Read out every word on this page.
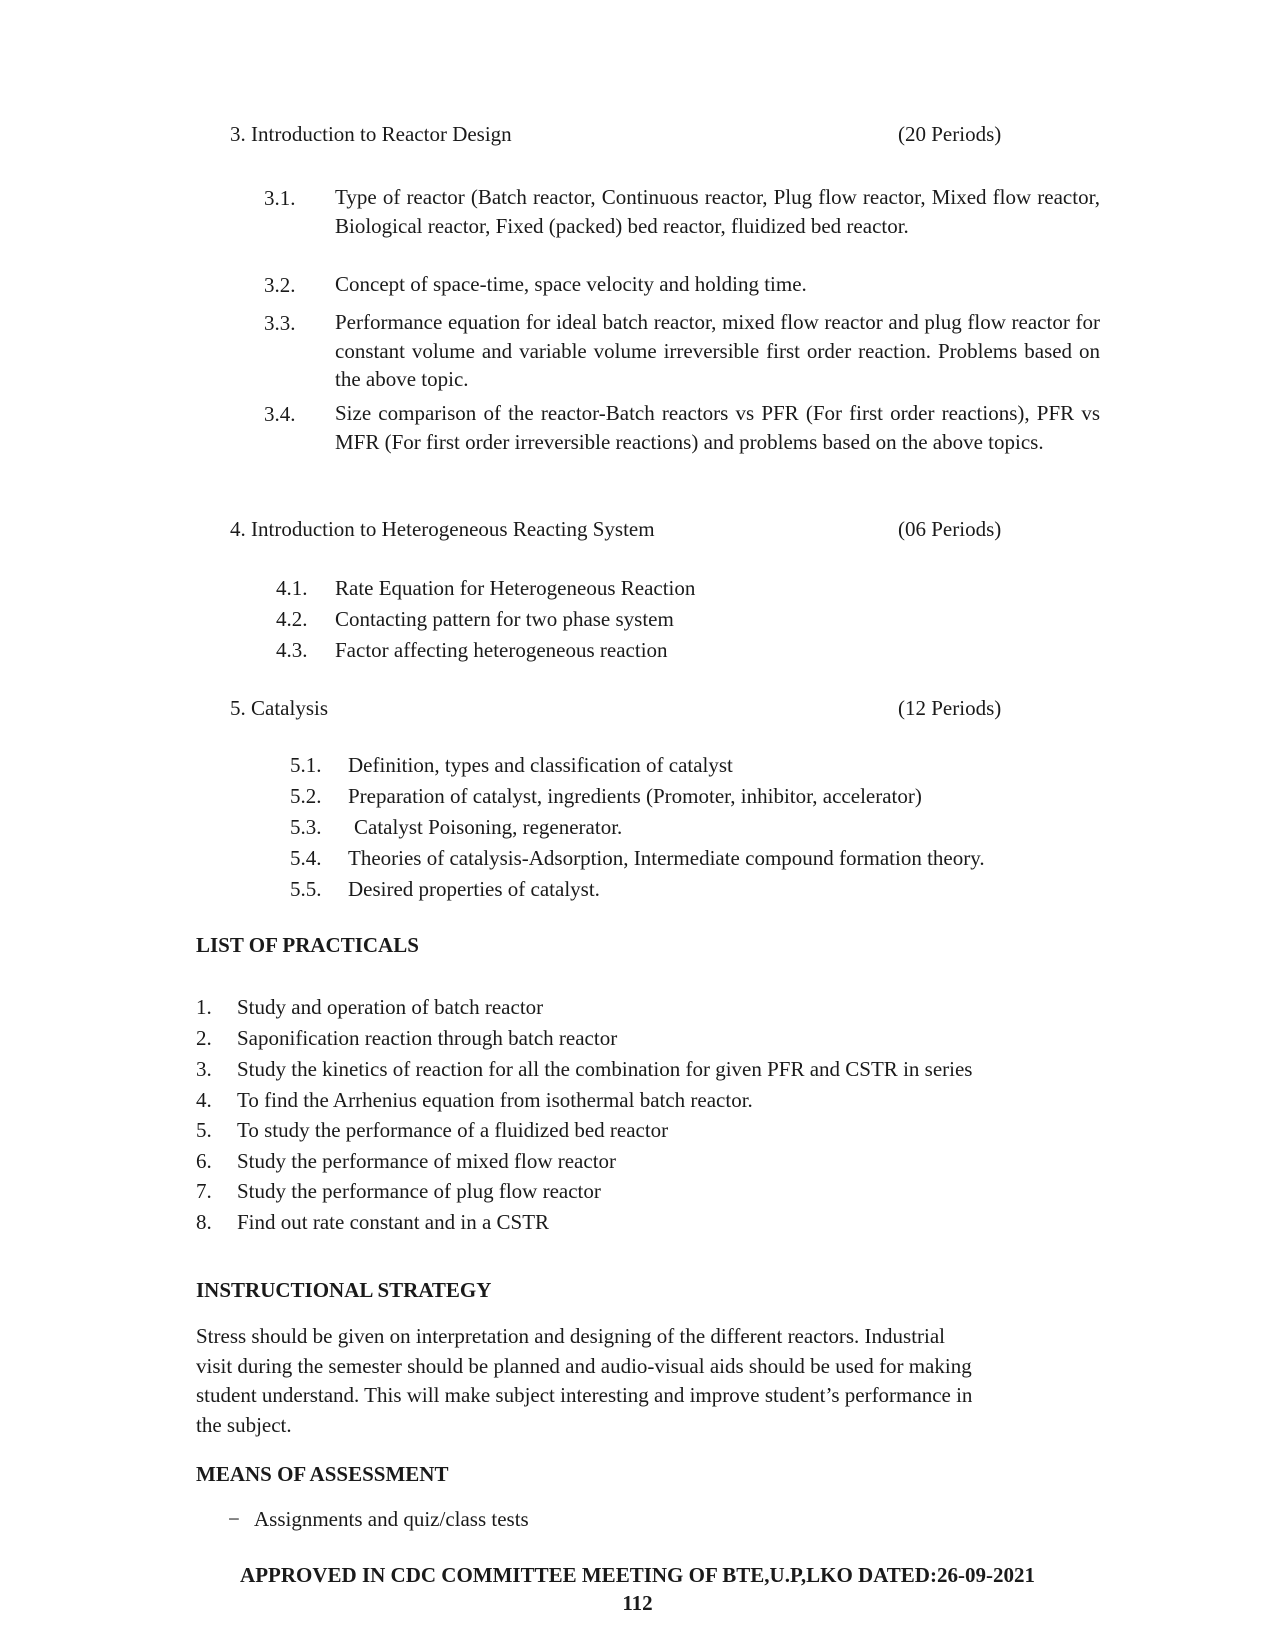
3. Introduction to Reactor Design	(20 Periods)
3.1. Type of reactor (Batch reactor, Continuous reactor, Plug flow reactor, Mixed flow reactor, Biological reactor, Fixed (packed) bed reactor, fluidized bed reactor.
3.2. Concept of space-time, space velocity and holding time.
3.3. Performance equation for ideal batch reactor, mixed flow reactor and plug flow reactor for constant volume and variable volume irreversible first order reaction. Problems based on the above topic.
3.4. Size comparison of the reactor-Batch reactors vs PFR (For first order reactions), PFR vs MFR (For first order irreversible reactions) and problems based on the above topics.
4. Introduction to Heterogeneous Reacting System	(06 Periods)
4.1. Rate Equation for Heterogeneous Reaction
4.2. Contacting pattern for two phase system
4.3. Factor affecting heterogeneous reaction
5. Catalysis	(12 Periods)
5.1. Definition, types and classification of catalyst
5.2. Preparation of catalyst, ingredients (Promoter, inhibitor, accelerator)
5.3. Catalyst Poisoning, regenerator.
5.4. Theories of catalysis-Adsorption, Intermediate compound formation theory.
5.5. Desired properties of catalyst.
LIST OF PRACTICALS
1. Study and operation of batch reactor
2. Saponification reaction through batch reactor
3. Study the kinetics of reaction for all the combination for given PFR and CSTR in series
4. To find the Arrhenius equation from isothermal batch reactor.
5. To study the performance of a fluidized bed reactor
6. Study the performance of mixed flow reactor
7. Study the performance of plug flow reactor
8. Find out rate constant and in a CSTR
INSTRUCTIONAL STRATEGY
Stress should be given on interpretation and designing of the different reactors. Industrial
visit during the semester should be planned and audio-visual aids should be used for making
student understand. This will make subject interesting and improve student’s performance in
the subject.
MEANS OF ASSESSMENT
− Assignments and quiz/class tests
APPROVED IN CDC COMMITTEE MEETING OF BTE,U.P,LKO DATED:26-09-2021
112
